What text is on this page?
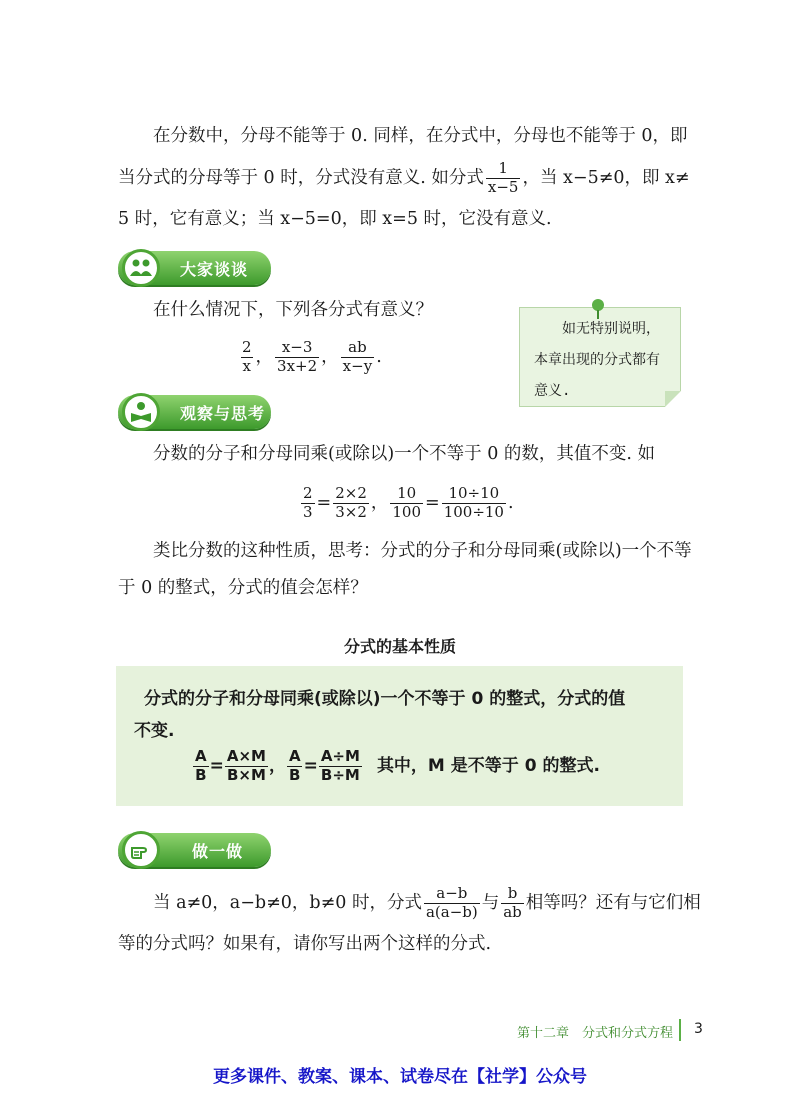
在分数中，分母不能等于 0. 同样，在分式中，分母也不能等于 0，即
当分式的分母等于 0 时，分式没有意义. 如分式 $\frac{1}{x-5}$ ，当 x−5≠0，即 x≠
5 时，它有意义；当 x−5=0，即 x=5 时，它没有意义.
大家谈谈
在什么情况下，下列各分式有意义？
$\frac{2}{x}$ ， $\frac{x-3}{3x+2}$ ， $\frac{ab}{x-y}$ .
如无特别说明，
本章出现的分式都有
意义.
观察与思考
分数的分子和分母同乘(或除以)一个不等于 0 的数，其值不变. 如
$\frac{2}{3} = \frac{2\times 2}{3\times 2}$ ， $\frac{10}{100} = \frac{10\div 10}{100\div 10}$ .
类比分数的这种性质，思考：分式的分子和分母同乘(或除以)一个不等
于 0 的整式，分式的值会怎样？
分式的基本性质
分式的分子和分母同乘(或除以)一个不等于 0 的整式，分式的值
不变.
$\frac{A}{B} = \frac{A\times M}{B\times M}$ ， $\frac{A}{B} = \frac{A\div M}{B\div M}$ 其中，M 是不等于 0 的整式.
做一做
当 a≠0，a−b≠0，b≠0 时，分式 $\frac{a-b}{a(a-b)}$ 与 $\frac{b}{ab}$ 相等吗？还有与它们相
等的分式吗？如果有，请你写出两个这样的分式.
第十二章　分式和分式方程 3
更多课件、教案、课本、试卷尽在【社学】公众号
